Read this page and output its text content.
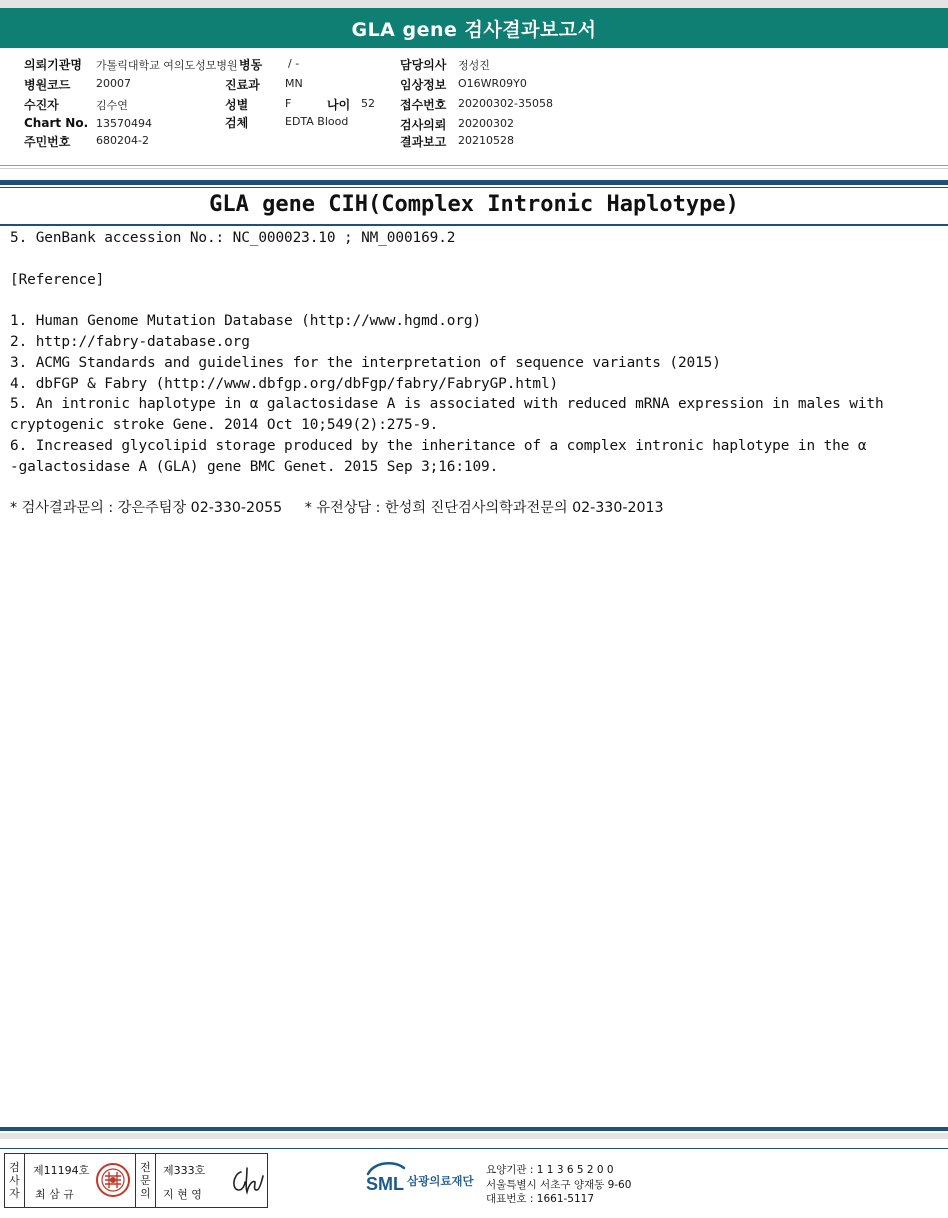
GLA gene 검사결과보고서
의뢰기관명 가톨릭대학교 여의도성모병원 병동 / -	담당의사 정성진
병원코드 20007	진료과 MN	임상정보 O16WR09Y0
수진자	김수연	성별	F	나이 52 접수번호 20200302-35058
Chart No. 13570494	검체	EDTA Blood	검사의뢰 20200302
주민번호 680204-2	결과보고 20210528
GLA gene CIH(Complex Intronic Haplotype)
5. GenBank accession No.: NC_000023.10 ; NM_000169.2
[Reference]
1. Human Genome Mutation Database (http://www.hgmd.org)
2. http://fabry-database.org
3. ACMG Standards and guidelines for the interpretation of sequence variants (2015)
4. dbFGP & Fabry (http://www.dbfgp.org/dbFgp/fabry/FabryGP.html)
5. An intronic haplotype in α galactosidase A is associated with reduced mRNA expression in males with
cryptogenic stroke Gene. 2014 Oct 10;549(2):275-9.
6. Increased glycolipid storage produced by the inheritance of a complex intronic haplotype in the α
-galactosidase A (GLA) gene BMC Genet. 2015 Sep 3;16:109.
* 검사결과문의 : 강은주팀장 02-330-2055     * 유전상담 : 한성희 진단검사의학과전문의 02-330-2013
검
사
자
제11194호
최 삼 규
전
문
의
제333호
지 현 영
SML 삼광의료재단
요양기관 : 1 1 3 6 5 2 0 0
서울특별시 서초구 양재동 9-60
대표번호 : 1661-5117
